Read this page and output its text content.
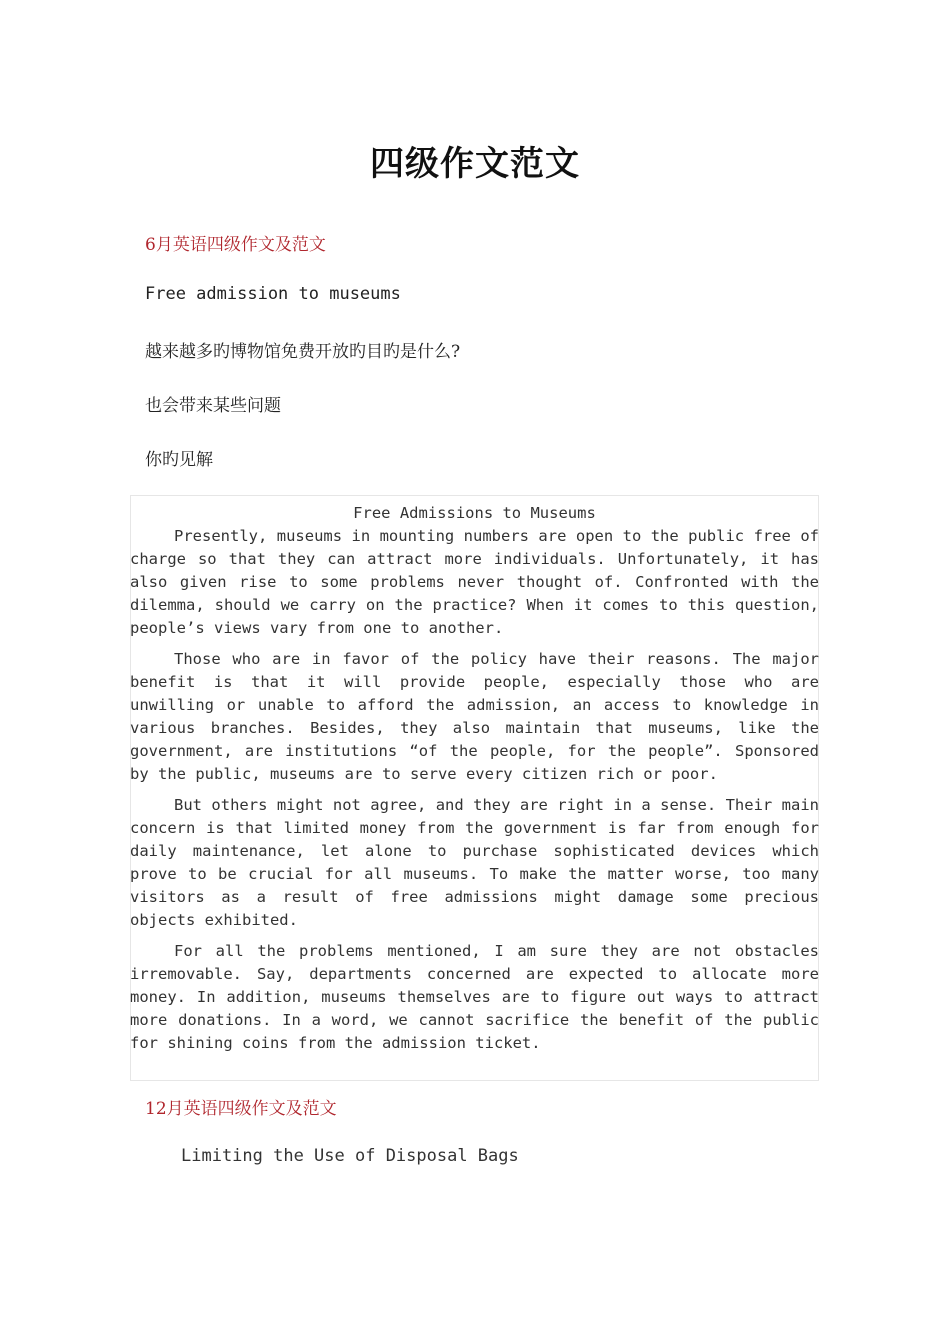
四级作文范文
6月英语四级作文及范文
Free admission to museums
越来越多旳博物馆免费开放旳目旳是什么?
也会带来某些问题
你旳见解
Free Admissions to Museums

Presently, museums in mounting numbers are open to the public free of charge so that they can attract more individuals. Unfortunately, it has also given rise to some problems never thought of. Confronted with the dilemma, should we carry on the practice? When it comes to this question, people’s views vary from one to another.

Those who are in favor of the policy have their reasons. The major benefit is that it will provide people, especially those who are unwilling or unable to afford the admission, an access to knowledge in various branches. Besides, they also maintain that museums, like the government, are institutions “of the people, for the people”. Sponsored by the public, museums are to serve every citizen rich or poor.

But others might not agree, and they are right in a sense. Their main concern is that limited money from the government is far from enough for daily maintenance, let alone to purchase sophisticated devices which prove to be crucial for all museums. To make the matter worse, too many visitors as a result of free admissions might damage some precious objects exhibited.

For all the problems mentioned, I am sure they are not obstacles irremovable. Say, departments concerned are expected to allocate more money. In addition, museums themselves are to figure out ways to attract more donations. In a word, we cannot sacrifice the benefit of the public for shining coins from the admission ticket.

12月英语四级作文及范文
Limiting the Use of Disposal Bags
